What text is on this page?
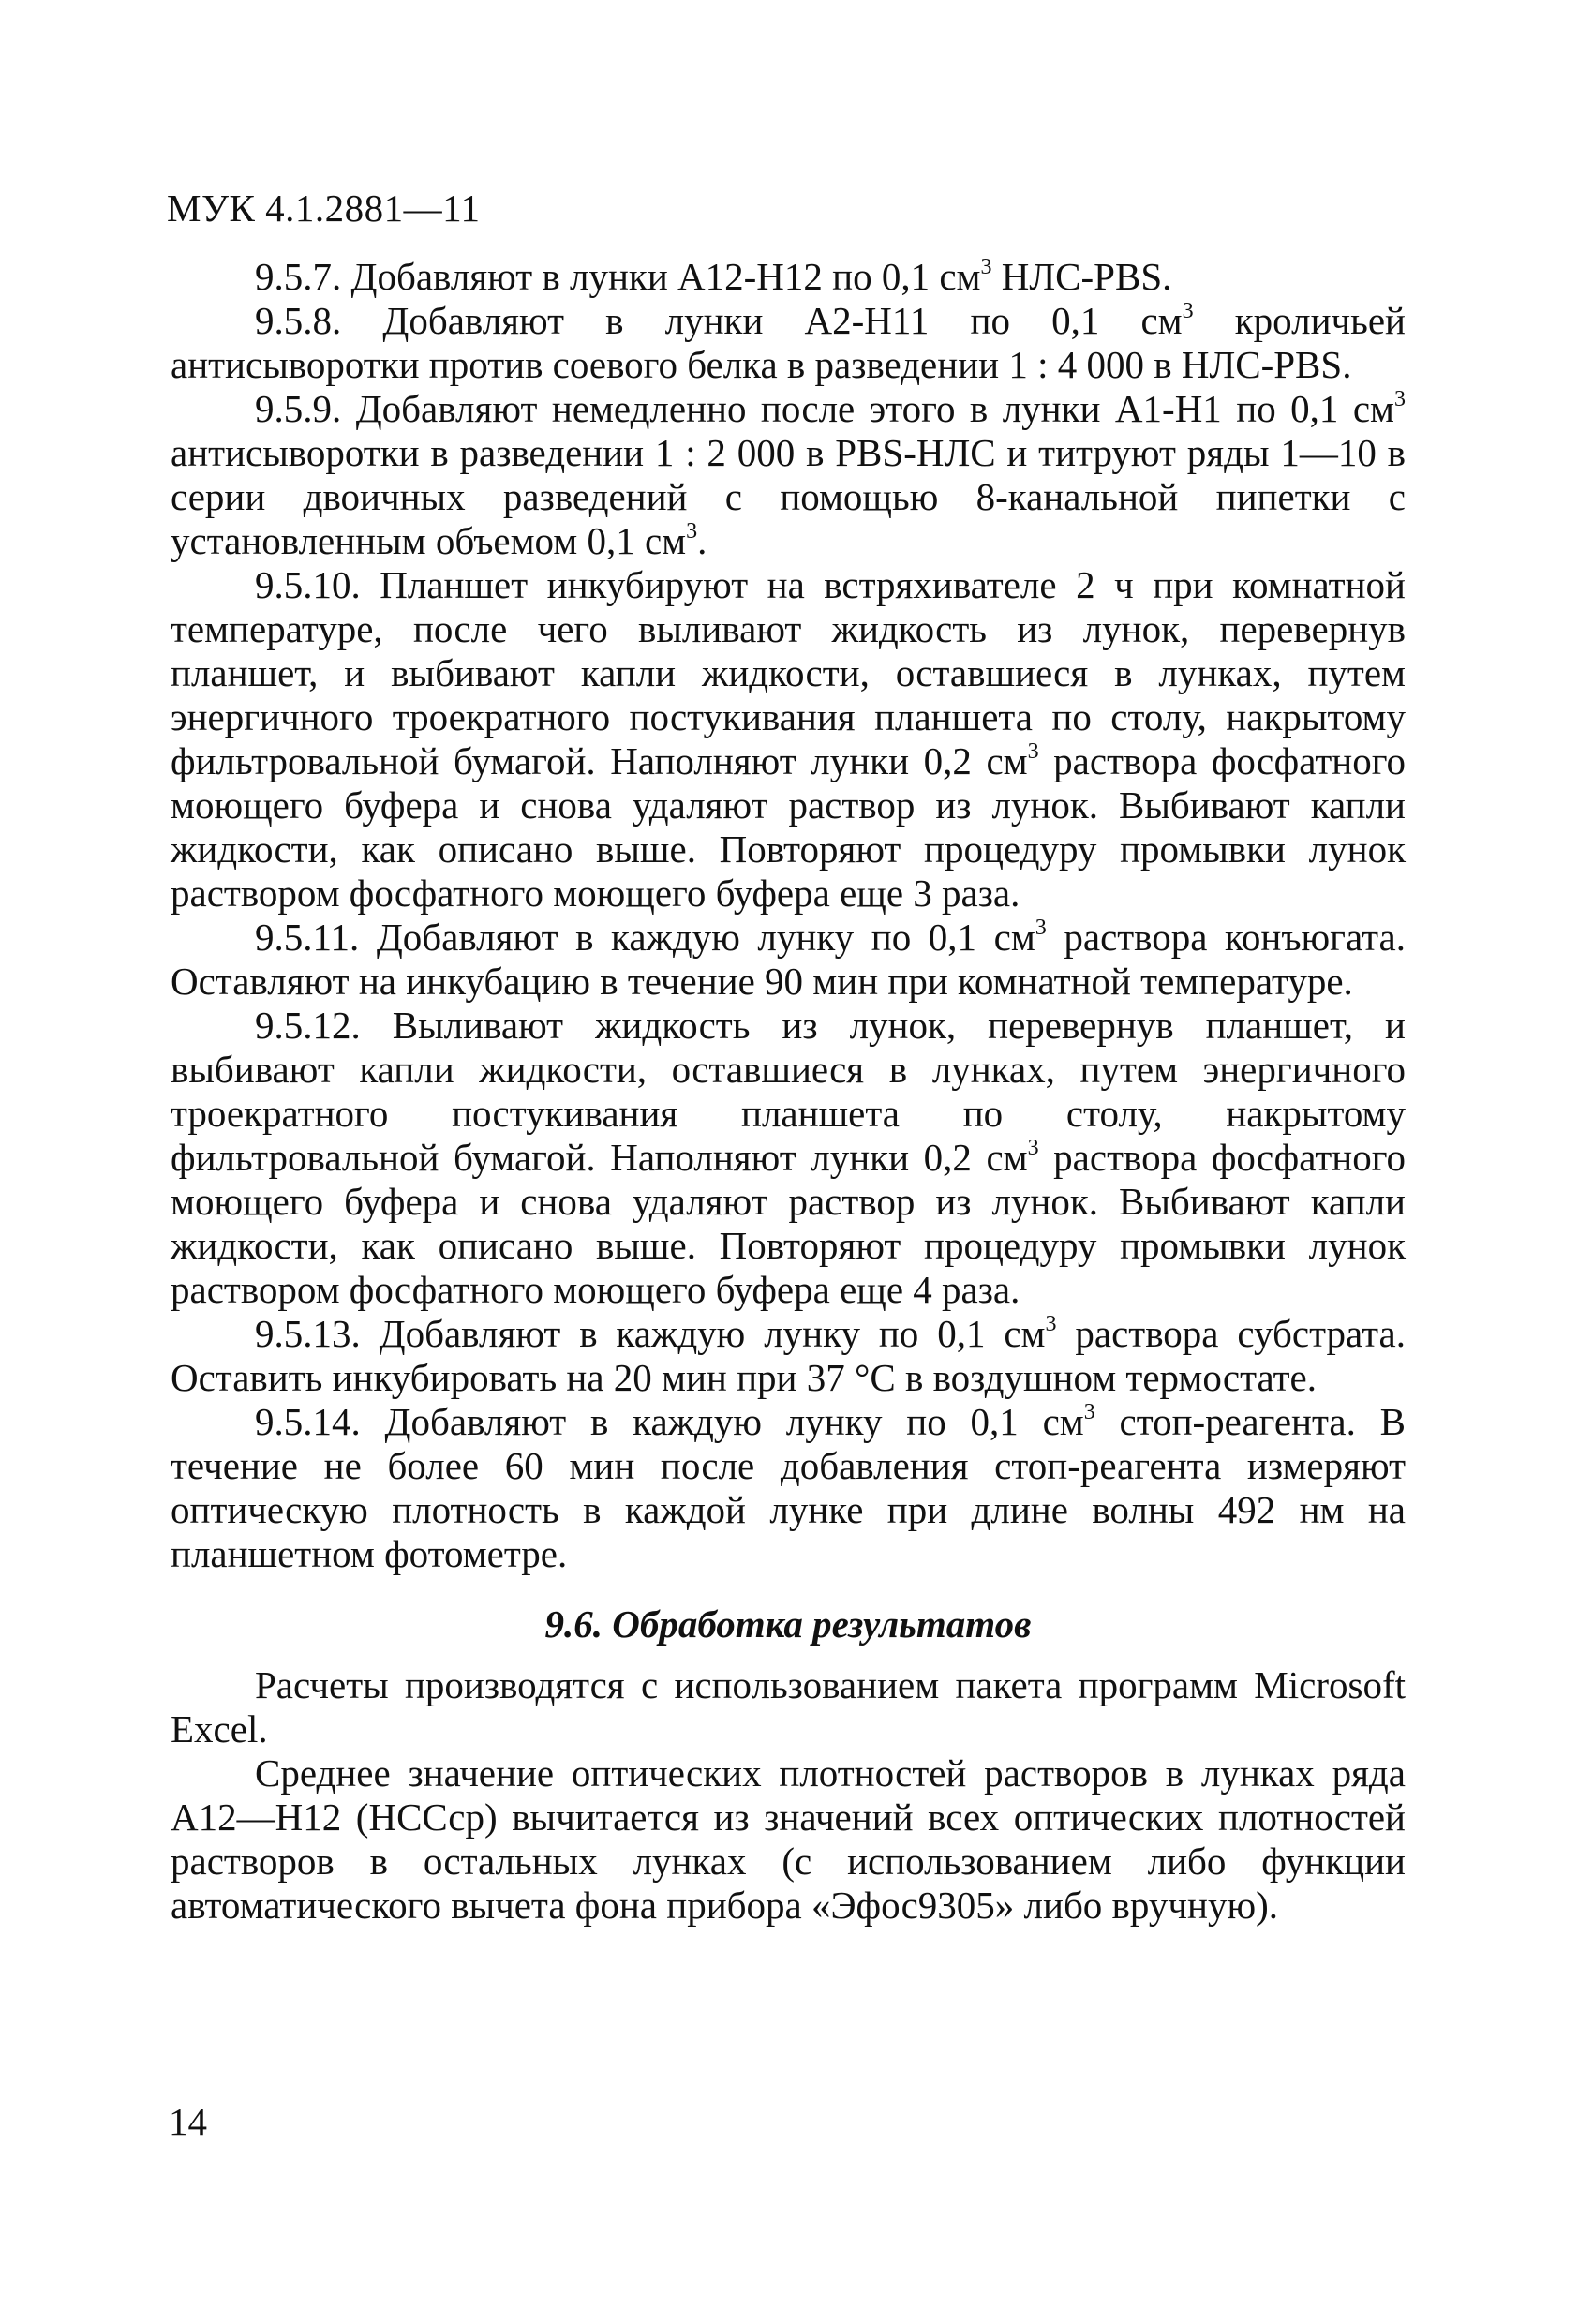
МУК 4.1.2881—11

9.5.7. Добавляют в лунки А12-Н12 по 0,1 $см^3$ НЛС-PBS.

9.5.8. Добавляют в лунки А2-Н11 по 0,1 $см^3$ кроличьей антисыворотки против соевого белка в разведении 1 : 4 000 в НЛС-PBS.

9.5.9. Добавляют немедленно после этого в лунки А1-Н1 по 0,1 $см^3$ антисыворотки в разведении 1 : 2 000 в PBS-НЛС и титруют ряды 1—10 в серии двоичных разведений с помощью 8-канальной пипетки с установленным объемом 0,1 $см^3$.

9.5.10. Планшет инкубируют на встряхивателе 2 ч при комнатной температуре, после чего выливают жидкость из лунок, перевернув планшет, и выбивают капли жидкости, оставшиеся в лунках, путем энергичного троекратного постукивания планшета по столу, накрытому фильтровальной бумагой. Наполняют лунки 0,2 $см^3$ раствора фосфатного моющего буфера и снова удаляют раствор из лунок. Выбивают капли жидкости, как описано выше. Повторяют процедуру промывки лунок раствором фосфатного моющего буфера еще 3 раза.

9.5.11. Добавляют в каждую лунку по 0,1 $см^3$ раствора конъюгата. Оставляют на инкубацию в течение 90 мин при комнатной температуре.

9.5.12. Выливают жидкость из лунок, перевернув планшет, и выбивают капли жидкости, оставшиеся в лунках, путем энергичного троекратного постукивания планшета по столу, накрытому фильтровальной бумагой. Наполняют лунки 0,2 $см^3$ раствора фосфатного моющего буфера и снова удаляют раствор из лунок. Выбивают капли жидкости, как описано выше. Повторяют процедуру промывки лунок раствором фосфатного моющего буфера еще 4 раза.

9.5.13. Добавляют в каждую лунку по 0,1 $см^3$ раствора субстрата. Оставить инкубировать на 20 мин при 37 °С в воздушном термостате.

9.5.14. Добавляют в каждую лунку по 0,1 $см^3$ стоп-реагента. В течение не более 60 мин после добавления стоп-реагента измеряют оптическую плотность в каждой лунке при длине волны 492 нм на планшетном фотометре.

9.6. Обработка результатов

Расчеты производятся с использованием пакета программ Microsoft Excel.

Среднее значение оптических плотностей растворов в лунках ряда А12—Н12 (НССср) вычитается из значений всех оптических плотностей растворов в остальных лунках (с использованием либо функции автоматического вычета фона прибора «Эфос9305» либо вручную).

14
